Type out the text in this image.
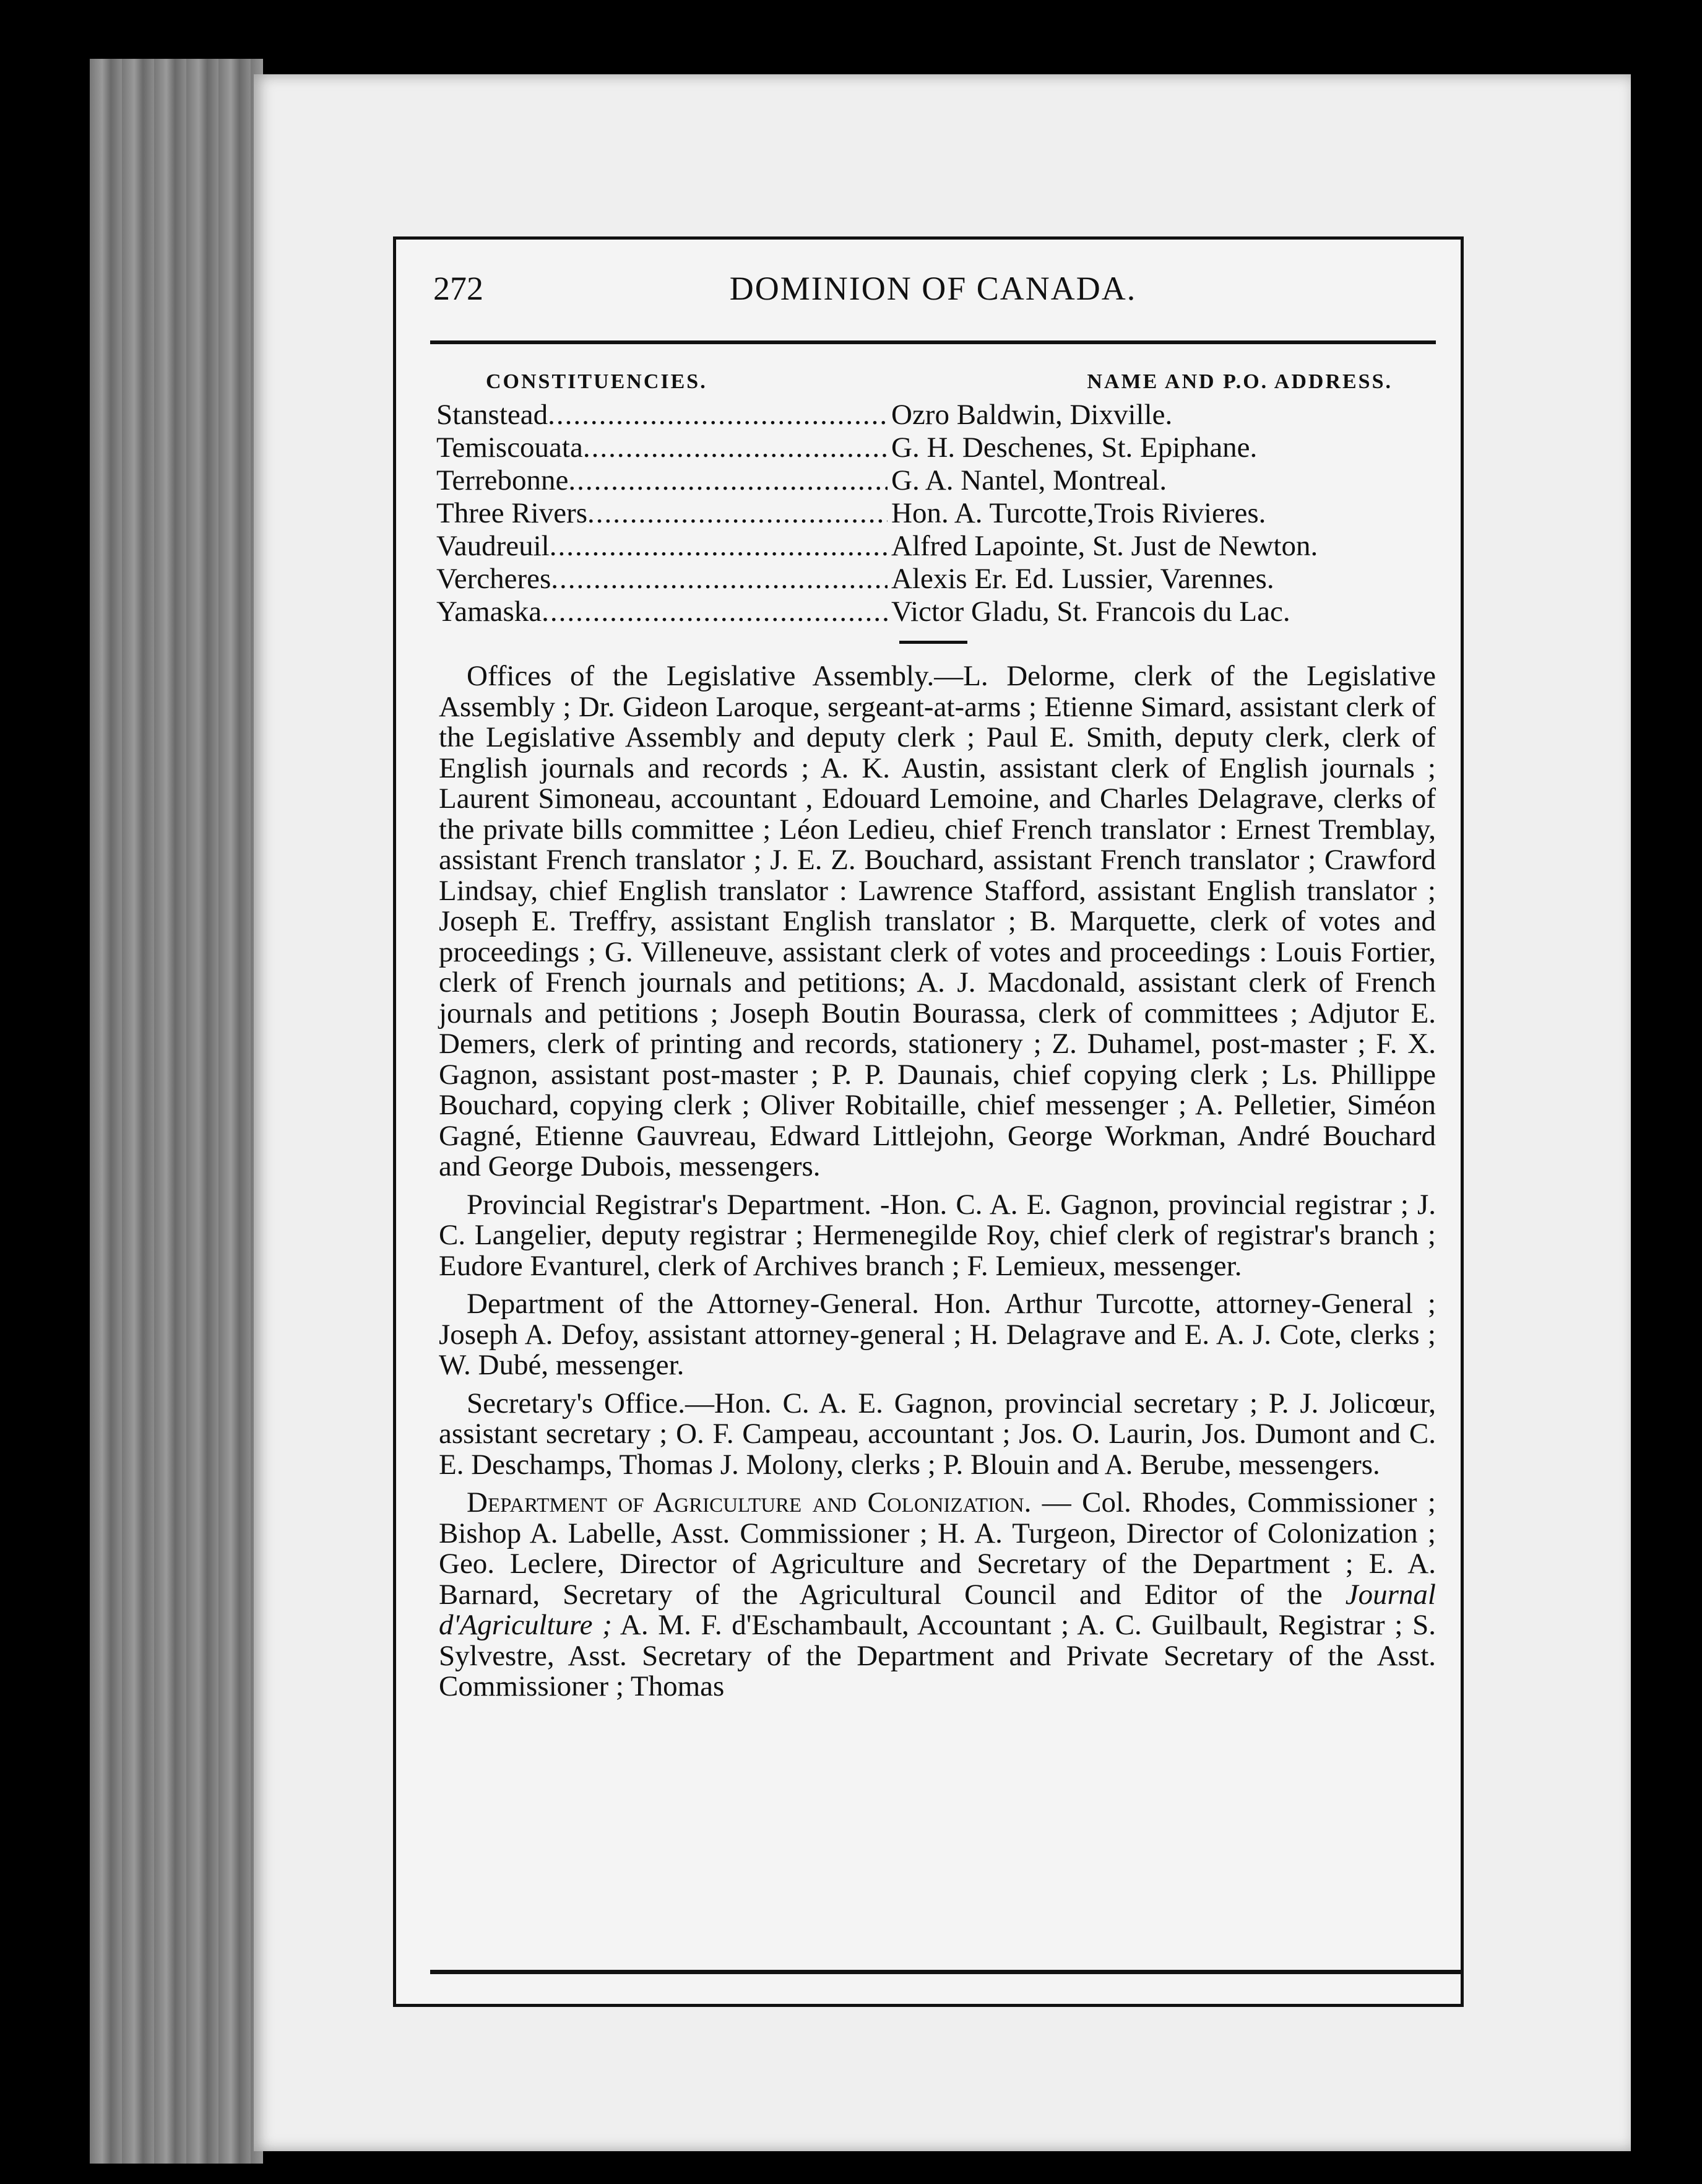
272	DOMINION OF CANADA.
CONSTITUENCIES.	NAME AND P.O. ADDRESS.
Stanstead .....	Ozro Baldwin, Dixville.
Temiscouata .....	G. H. Deschenes, St. Epiphane.
Terrebonne .....	G. A. Nantel, Montreal.
Three Rivers .....	Hon. A. Turcotte,Trois Rivieres.
Vaudreuil .....	Alfred Lapointe, St. Just de Newton.
Vercheres .....	Alexis Er. Ed. Lussier, Varennes.
Yamaska .....	Victor Gladu, St. Francois du Lac.

Offices of the Legislative Assembly.—L. Delorme, clerk of the Legislative Assembly ; Dr. Gideon Laroque, sergeant-at-arms ; Etienne Simard, assistant clerk of the Legislative Assembly and deputy clerk ; Paul E. Smith, deputy clerk, clerk of English journals and records ; A. K. Austin, assistant clerk of English journals ; Laurent Simoneau, accountant , Edouard Lemoine, and Charles Delagrave, clerks of the private bills committee ; Léon Ledieu, chief French translator : Ernest Tremblay, assistant French translator ; J. E. Z. Bouchard, assistant French translator ; Crawford Lindsay, chief English translator : Lawrence Stafford, assistant English translator ; Joseph E. Treffry, assistant English translator ; B. Marquette, clerk of votes and proceedings ; G. Villeneuve, assistant clerk of votes and proceedings : Louis Fortier, clerk of French journals and petitions; A. J. Macdonald, assistant clerk of French journals and petitions ; Joseph Boutin Bourassa, clerk of committees ; Adjutor E. Demers, clerk of printing and records, stationery ; Z. Duhamel, post-master ; F. X. Gagnon, assistant post-master ; P. P. Daunais, chief copying clerk ; Ls. Phillippe Bouchard, copying clerk ; Oliver Robitaille, chief messenger ; A. Pelletier, Siméon Gagné, Etienne Gauvreau, Edward Littlejohn, George Workman, André Bouchard and George Dubois, messengers.

Provincial Registrar's Department. -Hon. C. A. E. Gagnon, provincial registrar ; J. C. Langelier, deputy registrar ; Hermenegilde Roy, chief clerk of registrar's branch ; Eudore Evanturel, clerk of Archives branch ; F. Lemieux, messenger.

Department of the Attorney-General. Hon. Arthur Turcotte, attorney-General ; Joseph A. Defoy, assistant attorney-general ; H. Delagrave and E. A. J. Cote, clerks ; W. Dubé, messenger.

Secretary's Office.—Hon. C. A. E. Gagnon, provincial secretary ; P. J. Jolicœur, assistant secretary ; O. F. Campeau, accountant ; Jos. O. Laurin, Jos. Dumont and C. E. Deschamps, Thomas J. Molony, clerks ; P. Blouin and A. Berube, messengers.

Department of Agriculture and Colonization. — Col. Rhodes, Commissioner ; Bishop A. Labelle, Asst. Commissioner ; H. A. Turgeon, Director of Colonization ; Geo. Leclere, Director of Agriculture and Secretary of the Department ; E. A. Barnard, Secretary of the Agricultural Council and Editor of the Journal d'Agriculture ; A. M. F. d'Eschambault, Accountant ; A. C. Guilbault, Registrar ; S. Sylvestre, Asst. Secretary of the Department and Private Secretary of the Asst. Commissioner ; Thomas
